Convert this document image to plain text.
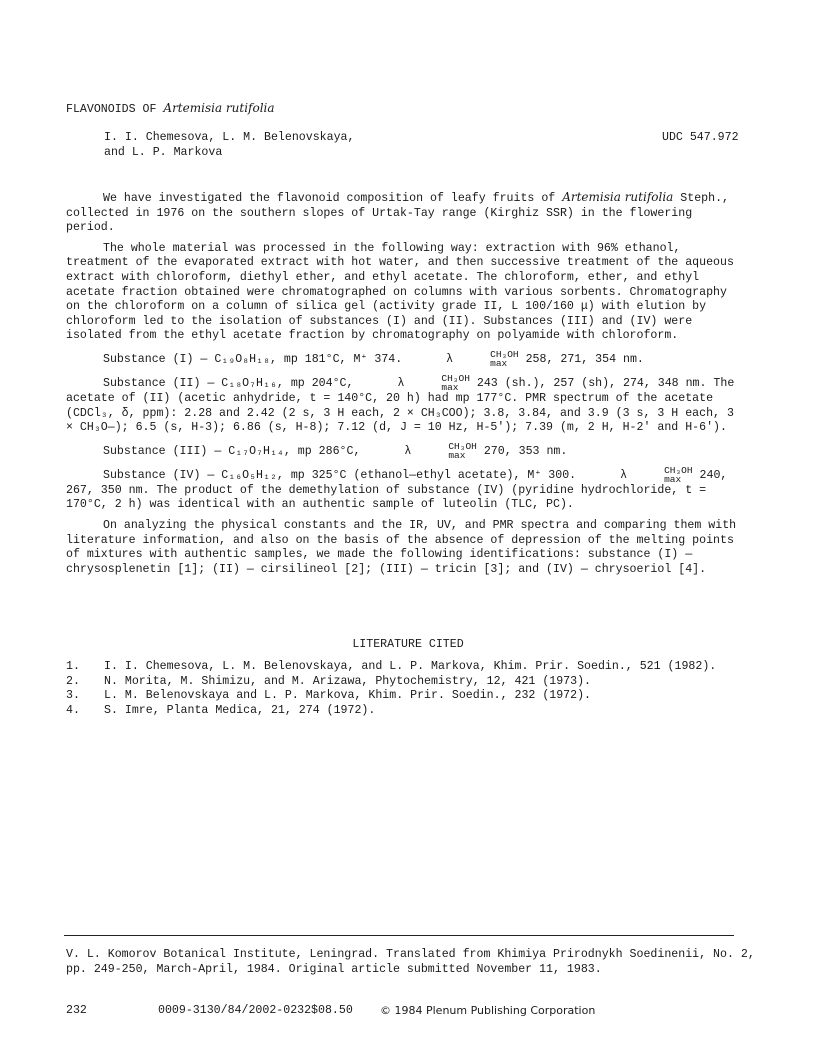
FLAVONOIDS OF Artemisia rutifolia
I. I. Chemesova, L. M. Belenovskaya,
and L. P. Markova
UDC 547.972

We have investigated the flavonoid composition of leafy fruits of Artemisia rutifolia Steph., collected in 1976 on the southern slopes of Urtak-Tay range (Kirghiz SSR) in the flowering period.

The whole material was processed in the following way: extraction with 96% ethanol, treatment of the evaporated extract with hot water, and then successive treatment of the aqueous extract with chloroform, diethyl ether, and ethyl acetate. The chloroform, ether, and ethyl acetate fraction obtained were chromatographed on columns with various sorbents. Chromatography on the chloroform on a column of silica gel (activity grade II, L 100/160 μ) with elution by chloroform led to the isolation of substances (I) and (II). Substances (III) and (IV) were isolated from the ethyl acetate fraction by chromatography on polyamide with chloroform.

Substance (I) — C₁₉O₈H₁₈, mp 181°C, M⁺ 374.	λ	CH₃OH
max 258, 271, 354 nm.

Substance (II) — C₁₈O₇H₁₆, mp 204°C,	λ	CH₃OH
max 243 (sh.), 257 (sh), 274, 348 nm. The acetate of (II) (acetic anhydride, t = 140°C, 20 h) had mp 177°C. PMR spectrum of the acetate (CDCl₃, δ, ppm): 2.28 and 2.42 (2 s, 3 H each, 2 × CH₃COO); 3.8, 3.84, and 3.9 (3 s, 3 H each, 3 × CH₃O—); 6.5 (s, H-3); 6.86 (s, H-8); 7.12 (d, J = 10 Hz, H-5'); 7.39 (m, 2 H, H-2' and H-6').

Substance (III) — C₁₇O₇H₁₄, mp 286°C,	λ	CH₃OH
max 270, 353 nm.

Substance (IV) — C₁₆O₅H₁₂, mp 325°C (ethanol—ethyl acetate), M⁺ 300.	λ	CH₃OH
max 240, 267, 350 nm. The product of the demethylation of substance (IV) (pyridine hydrochloride, t = 170°C, 2 h) was identical with an authentic sample of luteolin (TLC, PC).

On analyzing the physical constants and the IR, UV, and PMR spectra and comparing them with literature information, and also on the basis of the absence of depression of the melting points of mixtures with authentic samples, we made the following identifications: substance (I) — chrysosplenetin [1]; (II) — cirsilineol [2]; (III) — tricin [3]; and (IV) — chrysoeriol [4].

LITERATURE CITED
1.	I. I. Chemesova, L. M. Belenovskaya, and L. P. Markova, Khim. Prir. Soedin., 521 (1982).
2.	N. Morita, M. Shimizu, and M. Arizawa, Phytochemistry, 12, 421 (1973).
3.	L. M. Belenovskaya and L. P. Markova, Khim. Prir. Soedin., 232 (1972).
4.	S. Imre, Planta Medica, 21, 274 (1972).
V. L. Komorov Botanical Institute, Leningrad. Translated from Khimiya Prirodnykh Soedinenii, No. 2, pp. 249-250, March-April, 1984. Original article submitted November 11, 1983.
232	0009-3130/84/2002-0232$08.50 © 1984 Plenum Publishing Corporation
